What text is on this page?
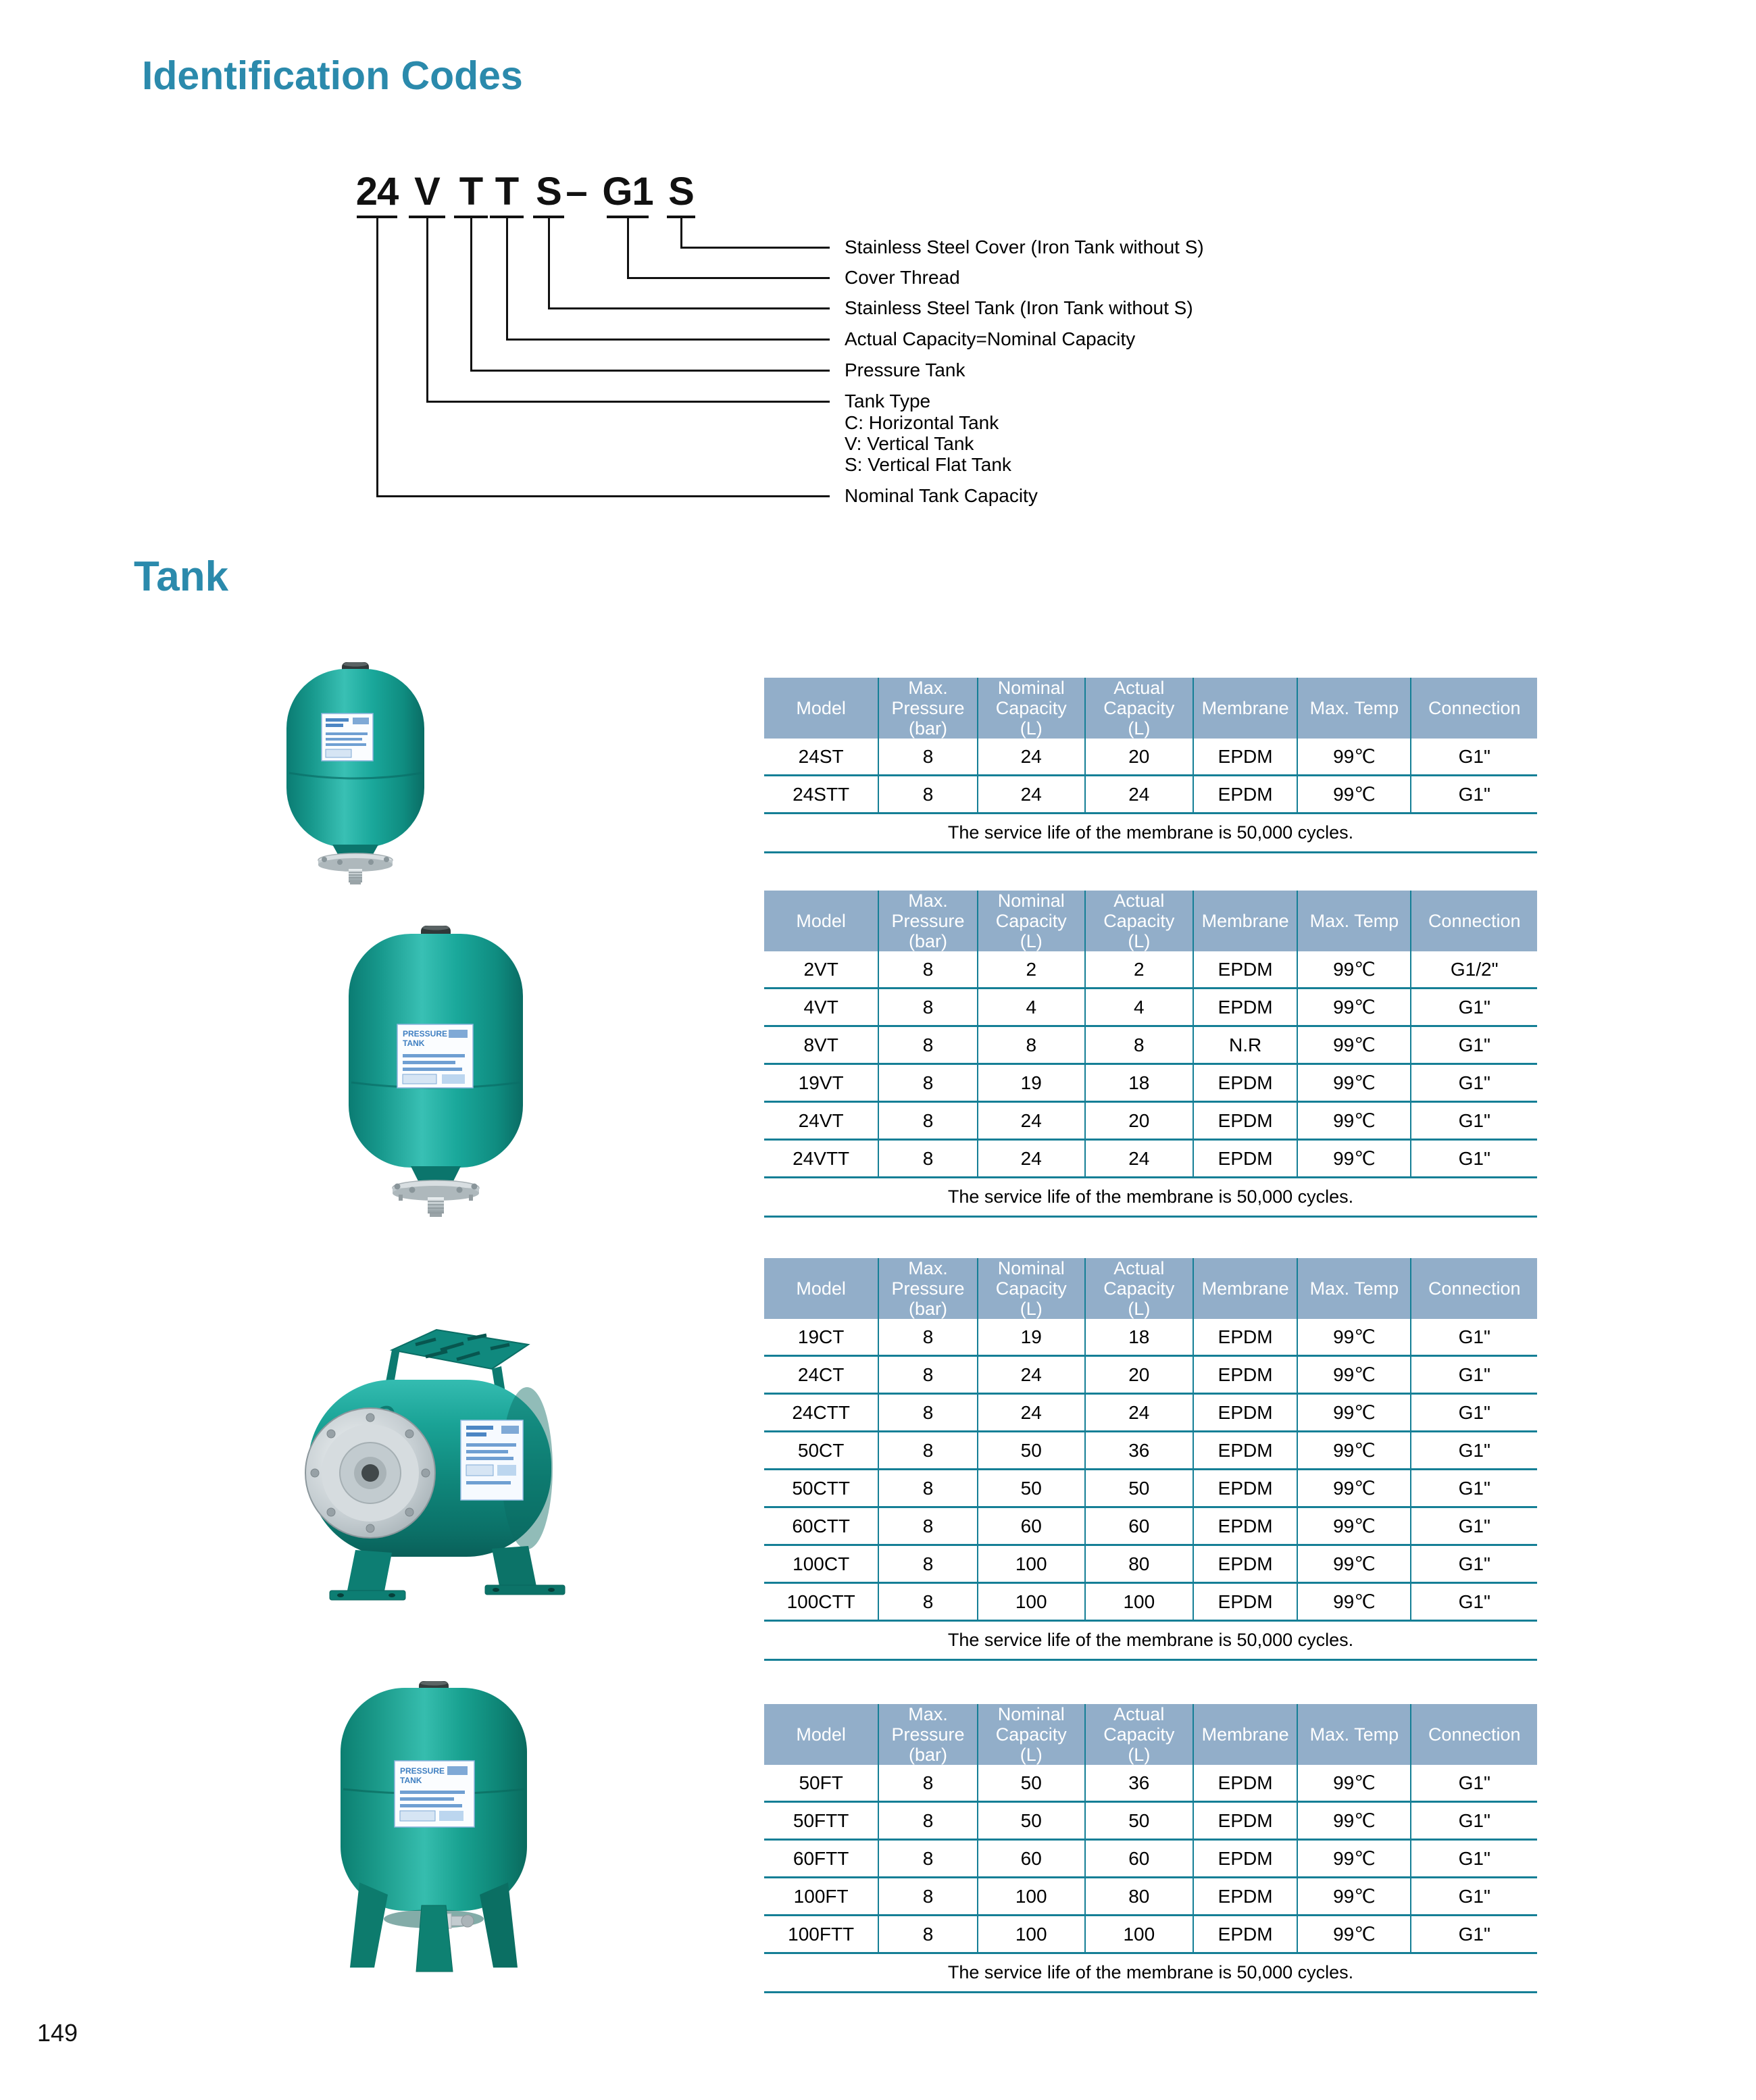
Identification Codes
24 V T T S – G1 S
Stainless Steel Cover (Iron Tank without S)
Cover Thread
Stainless Steel Tank (Iron Tank without S)
Actual Capacity=Nominal Capacity
Pressure Tank
Tank Type
C: Horizontal Tank
V: Vertical Tank
S: Vertical Flat Tank
Nominal Tank Capacity
Tank
PRESSURE
TANK
PRESSURE
TANK
Model	Max.
Pressure
(bar)	Nominal
Capacity
(L)	Actual
Capacity
(L)	Membrane	Max. Temp	Connection
24ST	8	24	20	EPDM	99℃	G1"
24STT	8	24	24	EPDM	99℃	G1"
The service life of the membrane is 50,000 cycles.						
Model	Max.
Pressure
(bar)	Nominal
Capacity
(L)	Actual
Capacity
(L)	Membrane	Max. Temp	Connection
2VT	8	2	2	EPDM	99℃	G1/2"
4VT	8	4	4	EPDM	99℃	G1"
8VT	8	8	8	N.R	99℃	G1"
19VT	8	19	18	EPDM	99℃	G1"
24VT	8	24	20	EPDM	99℃	G1"
24VTT	8	24	24	EPDM	99℃	G1"
The service life of the membrane is 50,000 cycles.						
Model	Max.
Pressure
(bar)	Nominal
Capacity
(L)	Actual
Capacity
(L)	Membrane	Max. Temp	Connection
19CT	8	19	18	EPDM	99℃	G1"
24CT	8	24	20	EPDM	99℃	G1"
24CTT	8	24	24	EPDM	99℃	G1"
50CT	8	50	36	EPDM	99℃	G1"
50CTT	8	50	50	EPDM	99℃	G1"
60CTT	8	60	60	EPDM	99℃	G1"
100CT	8	100	80	EPDM	99℃	G1"
100CTT	8	100	100	EPDM	99℃	G1"
The service life of the membrane is 50,000 cycles.						
Model	Max.
Pressure
(bar)	Nominal
Capacity
(L)	Actual
Capacity
(L)	Membrane	Max. Temp	Connection
50FT	8	50	36	EPDM	99℃	G1"
50FTT	8	50	50	EPDM	99℃	G1"
60FTT	8	60	60	EPDM	99℃	G1"
100FT	8	100	80	EPDM	99℃	G1"
100FTT	8	100	100	EPDM	99℃	G1"
The service life of the membrane is 50,000 cycles.						
149
